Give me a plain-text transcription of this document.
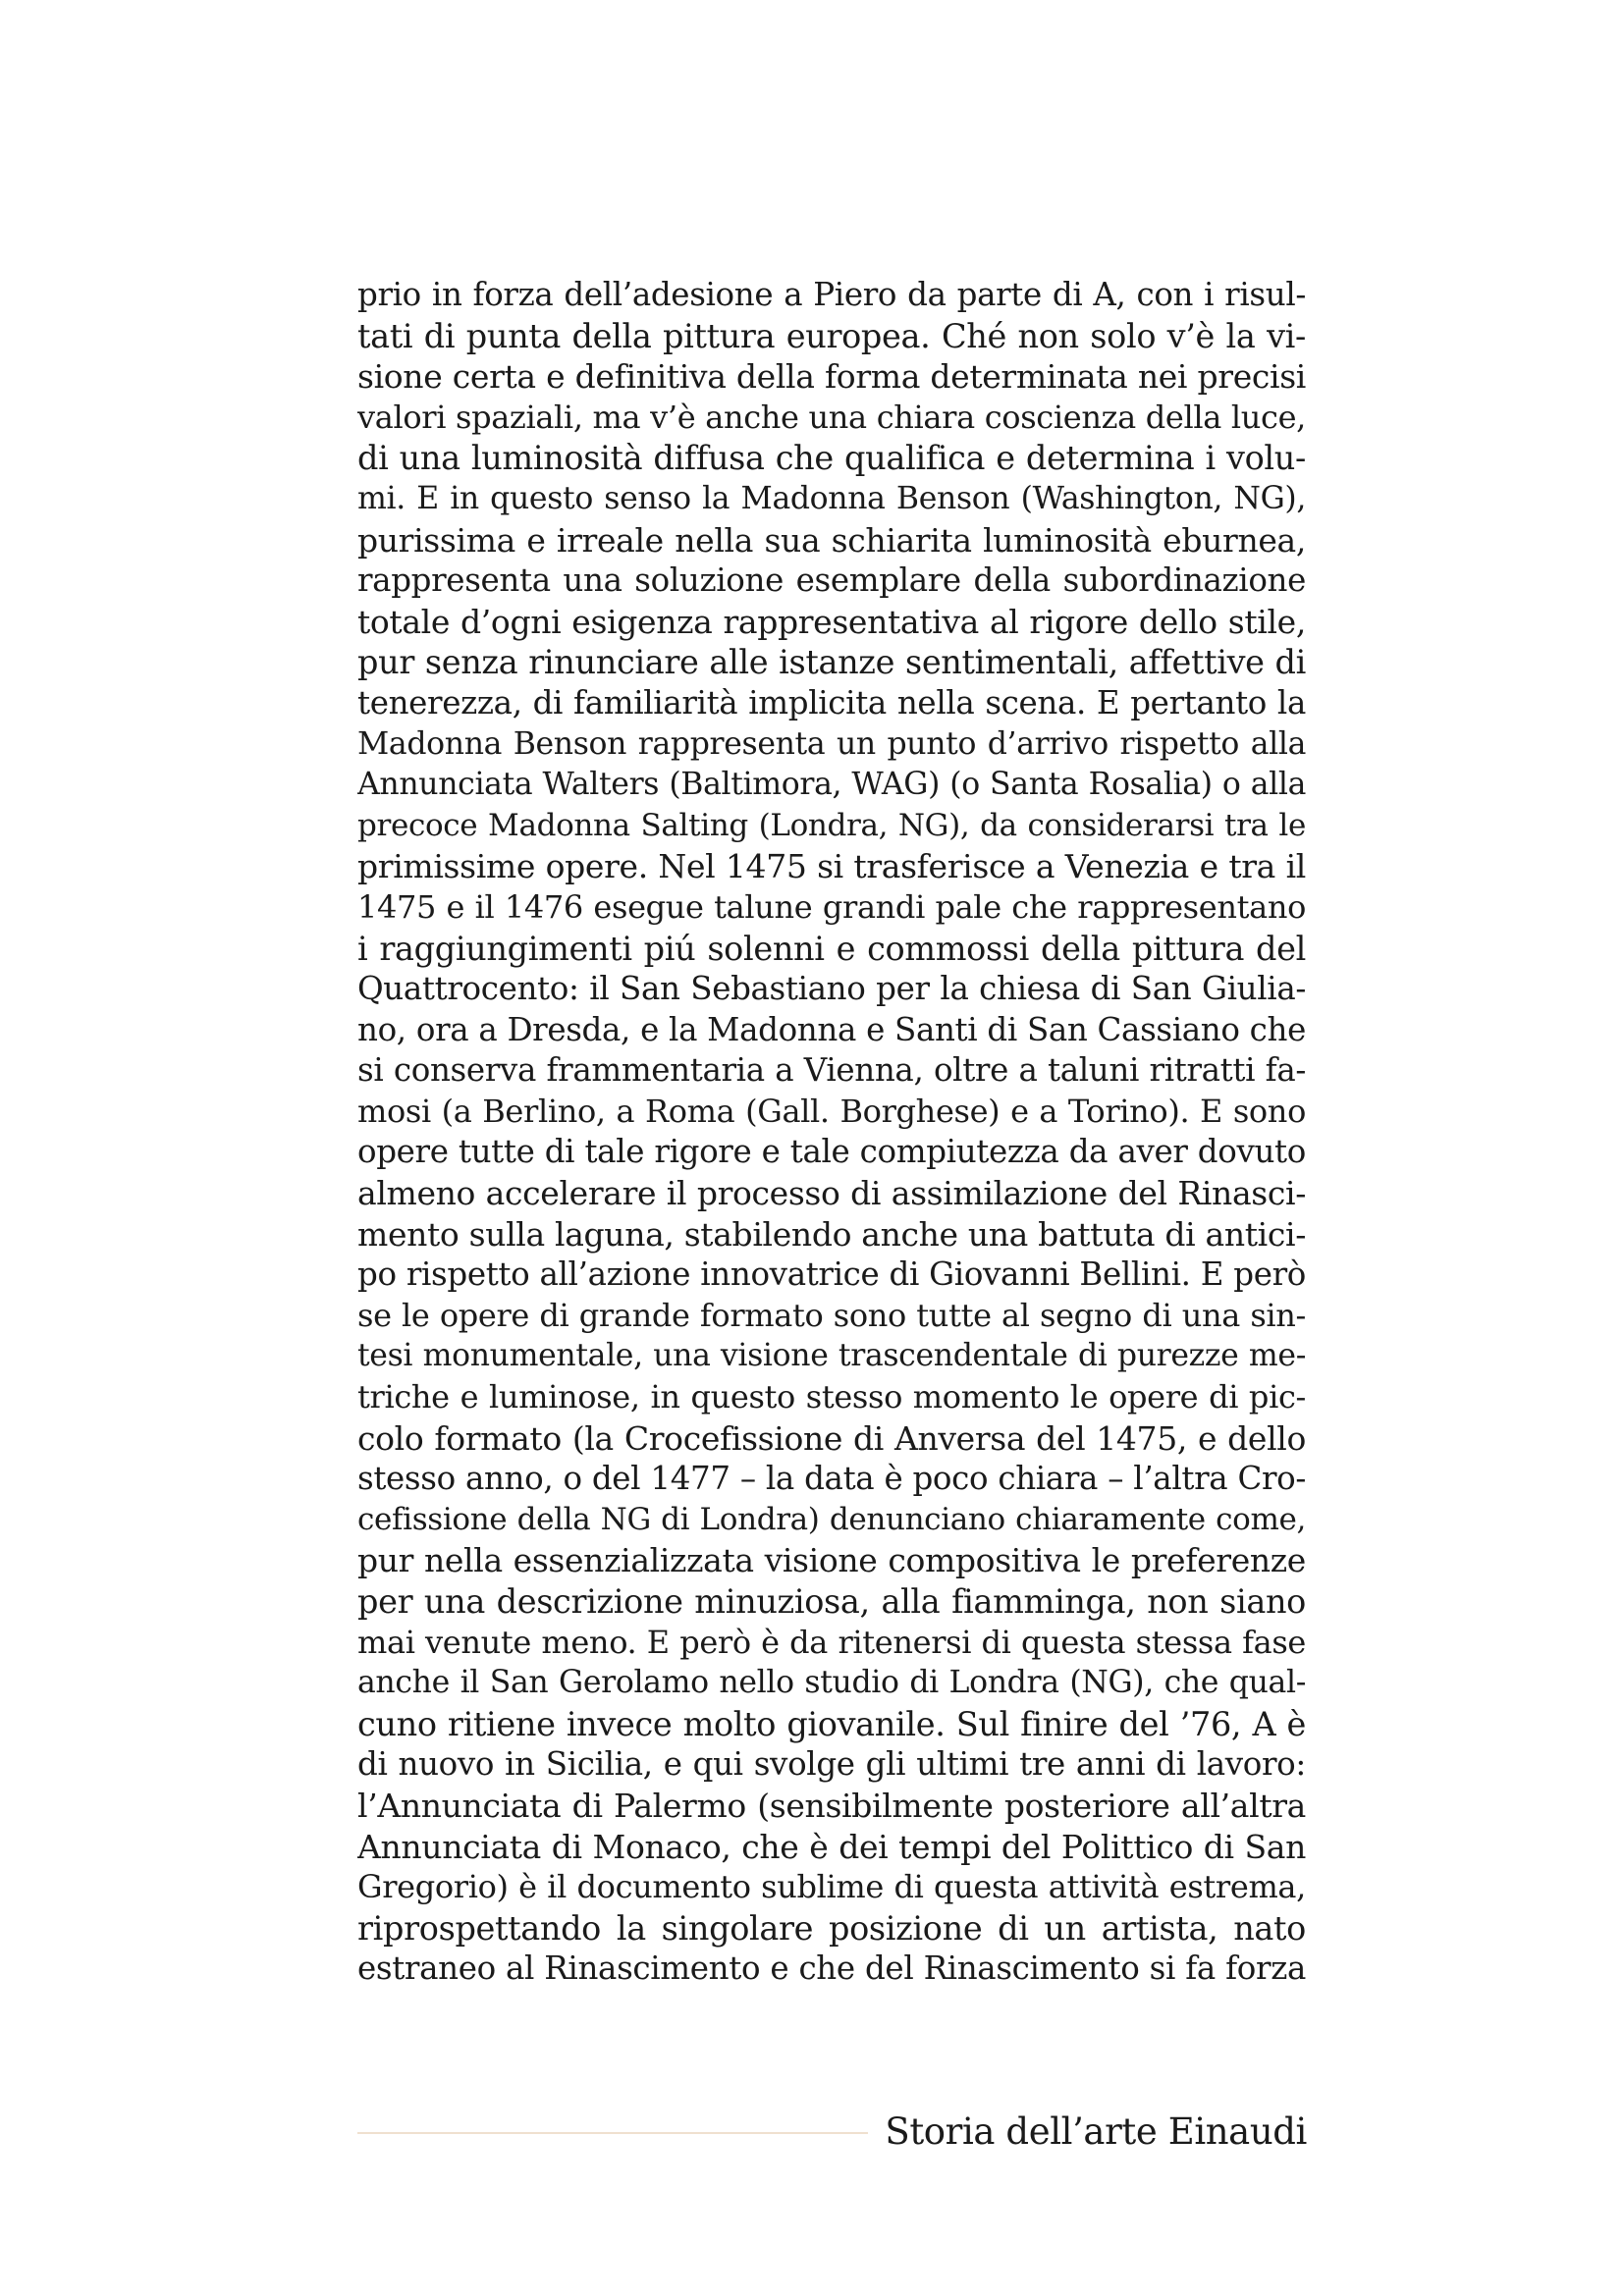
prio in forza dell’adesione a Piero da parte di A, con i risul-
tati di punta della pittura europea. Ché non solo v’è la vi-
sione certa e definitiva della forma determinata nei precisi
valori spaziali, ma v’è anche una chiara coscienza della luce,
di una luminosità diffusa che qualifica e determina i volu-
mi. E in questo senso la Madonna Benson (Washington, NG),
purissima e irreale nella sua schiarita luminosità eburnea,
rappresenta una soluzione esemplare della subordinazione
totale d’ogni esigenza rappresentativa al rigore dello stile,
pur senza rinunciare alle istanze sentimentali, affettive di
tenerezza, di familiarità implicita nella scena. E pertanto la
Madonna Benson rappresenta un punto d’arrivo rispetto alla
Annunciata Walters (Baltimora, WAG) (o Santa Rosalia) o alla
precoce Madonna Salting (Londra, NG), da considerarsi tra le
primissime opere. Nel 1475 si trasferisce a Venezia e tra il
1475 e il 1476 esegue talune grandi pale che rappresentano
i raggiungimenti piú solenni e commossi della pittura del
Quattrocento: il San Sebastiano per la chiesa di San Giulia-
no, ora a Dresda, e la Madonna e Santi di San Cassiano che
si conserva frammentaria a Vienna, oltre a taluni ritratti fa-
mosi (a Berlino, a Roma (Gall. Borghese) e a Torino). E sono
opere tutte di tale rigore e tale compiutezza da aver dovuto
almeno accelerare il processo di assimilazione del Rinasci-
mento sulla laguna, stabilendo anche una battuta di antici-
po rispetto all’azione innovatrice di Giovanni Bellini. E però
se le opere di grande formato sono tutte al segno di una sin-
tesi monumentale, una visione trascendentale di purezze me-
triche e luminose, in questo stesso momento le opere di pic-
colo formato (la Crocefissione di Anversa del 1475, e dello
stesso anno, o del 1477 – la data è poco chiara – l’altra Cro-
cefissione della NG di Londra) denunciano chiaramente come,
pur nella essenzializzata visione compositiva le preferenze
per una descrizione minuziosa, alla fiamminga, non siano
mai venute meno. E però è da ritenersi di questa stessa fase
anche il San Gerolamo nello studio di Londra (NG), che qual-
cuno ritiene invece molto giovanile. Sul finire del ’76, A è
di nuovo in Sicilia, e qui svolge gli ultimi tre anni di lavoro:
l’Annunciata di Palermo (sensibilmente posteriore all’altra
Annunciata di Monaco, che è dei tempi del Polittico di San
Gregorio) è il documento sublime di questa attività estrema,
riprospettando la singolare posizione di un artista, nato
estraneo al Rinascimento e che del Rinascimento si fa forza
Storia dell’arte Einaudi
